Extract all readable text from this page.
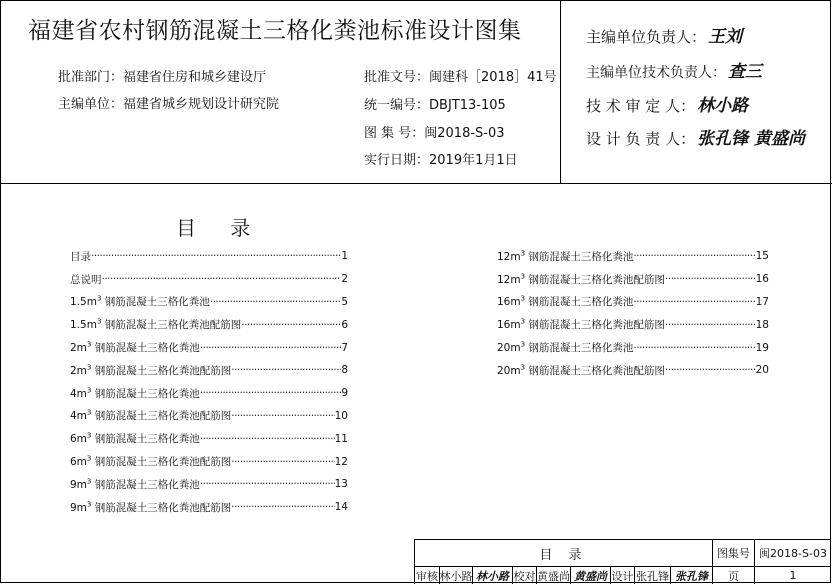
福建省农村钢筋混凝土三格化粪池标准设计图集
批准部门：福建省住房和城乡建设厅
主编单位：福建省城乡规划设计研究院
批准文号：闽建科［2018］41号
统一编号：DBJT13-105
图 集 号：闽2018-S-03
实行日期：2019年1月1日
主编单位负责人： 王刘
主编单位技术负责人： 查三
技 术 审 定 人： 林小路
设 计 负 责 人： 张孔锋 黄盛尚
目 录
目录 ·····	1
总说明 ·····	2
$1.5m^3$ 钢筋混凝土三格化粪池 ·····	5
$1.5m^3$ 钢筋混凝土三格化粪池配筋图 ·····	6
$2m^3$ 钢筋混凝土三格化粪池 ·····	7
$2m^3$ 钢筋混凝土三格化粪池配筋图 ·····	8
$4m^3$ 钢筋混凝土三格化粪池 ·····	9
$4m^3$ 钢筋混凝土三格化粪池配筋图 ·····	10
$6m^3$ 钢筋混凝土三格化粪池 ·····	11
$6m^3$ 钢筋混凝土三格化粪池配筋图 ·····	12
$9m^3$ 钢筋混凝土三格化粪池 ·····	13
$9m^3$ 钢筋混凝土三格化粪池配筋图 ·····	14
$12m^3$ 钢筋混凝土三格化粪池 ·····	15
$12m^3$ 钢筋混凝土三格化粪池配筋图 ·····	16
$16m^3$ 钢筋混凝土三格化粪池 ·····	17
$16m^3$ 钢筋混凝土三格化粪池配筋图 ·····	18
$20m^3$ 钢筋混凝土三格化粪池 ·····	19
$20m^3$ 钢筋混凝土三格化粪池配筋图 ·····	20
目 录	图集号 闽2018-S-03
审核 林小路 林小路 校对 黄盛尚 黄盛尚 设计 张孔锋 张孔锋	页	1
